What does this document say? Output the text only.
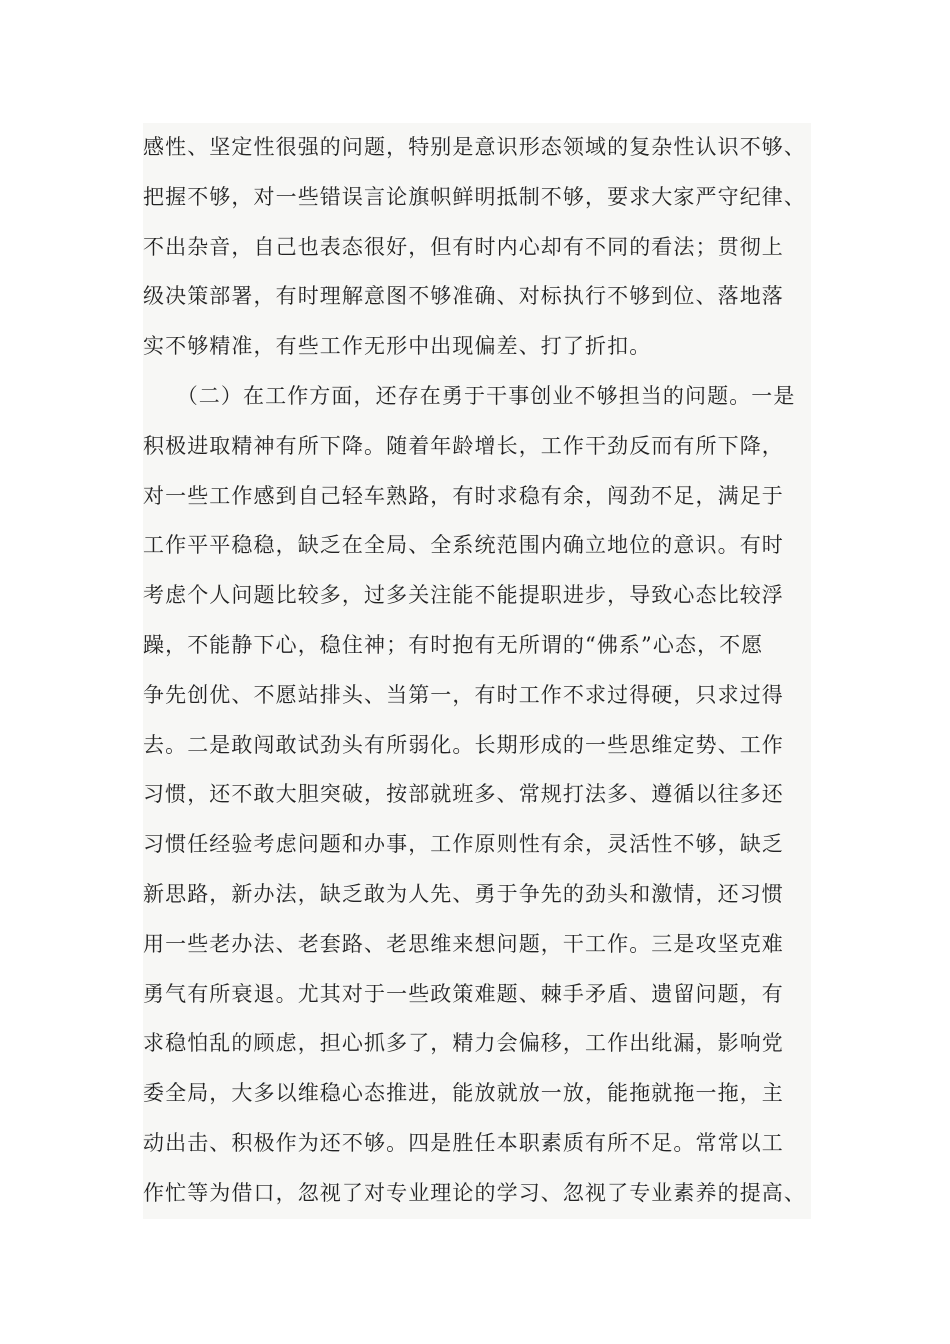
感性、坚定性很强的问题，特别是意识形态领域的复杂性认识不够、
把握不够，对一些错误言论旗帜鲜明抵制不够，要求大家严守纪律、
不出杂音，自己也表态很好，但有时内心却有不同的看法；贯彻上
级决策部署，有时理解意图不够准确、对标执行不够到位、落地落
实不够精准，有些工作无形中出现偏差、打了折扣。
　　（二）在工作方面，还存在勇于干事创业不够担当的问题。一是
积极进取精神有所下降。随着年龄增长，工作干劲反而有所下降，
对一些工作感到自己轻车熟路，有时求稳有余，闯劲不足，满足于
工作平平稳稳，缺乏在全局、全系统范围内确立地位的意识。有时
考虑个人问题比较多，过多关注能不能提职进步，导致心态比较浮
躁，不能静下心，稳住神；有时抱有无所谓的“佛系”心态，不愿
争先创优、不愿站排头、当第一，有时工作不求过得硬，只求过得
去。二是敢闯敢试劲头有所弱化。长期形成的一些思维定势、工作
习惯，还不敢大胆突破，按部就班多、常规打法多、遵循以往多还
习惯任经验考虑问题和办事，工作原则性有余，灵活性不够，缺乏
新思路，新办法，缺乏敢为人先、勇于争先的劲头和激情，还习惯
用一些老办法、老套路、老思维来想问题，干工作。三是攻坚克难
勇气有所衰退。尤其对于一些政策难题、棘手矛盾、遗留问题，有
求稳怕乱的顾虑，担心抓多了，精力会偏移，工作出纰漏，影响党
委全局，大多以维稳心态推进，能放就放一放，能拖就拖一拖，主
动出击、积极作为还不够。四是胜任本职素质有所不足。常常以工
作忙等为借口，忽视了对专业理论的学习、忽视了专业素养的提高、
